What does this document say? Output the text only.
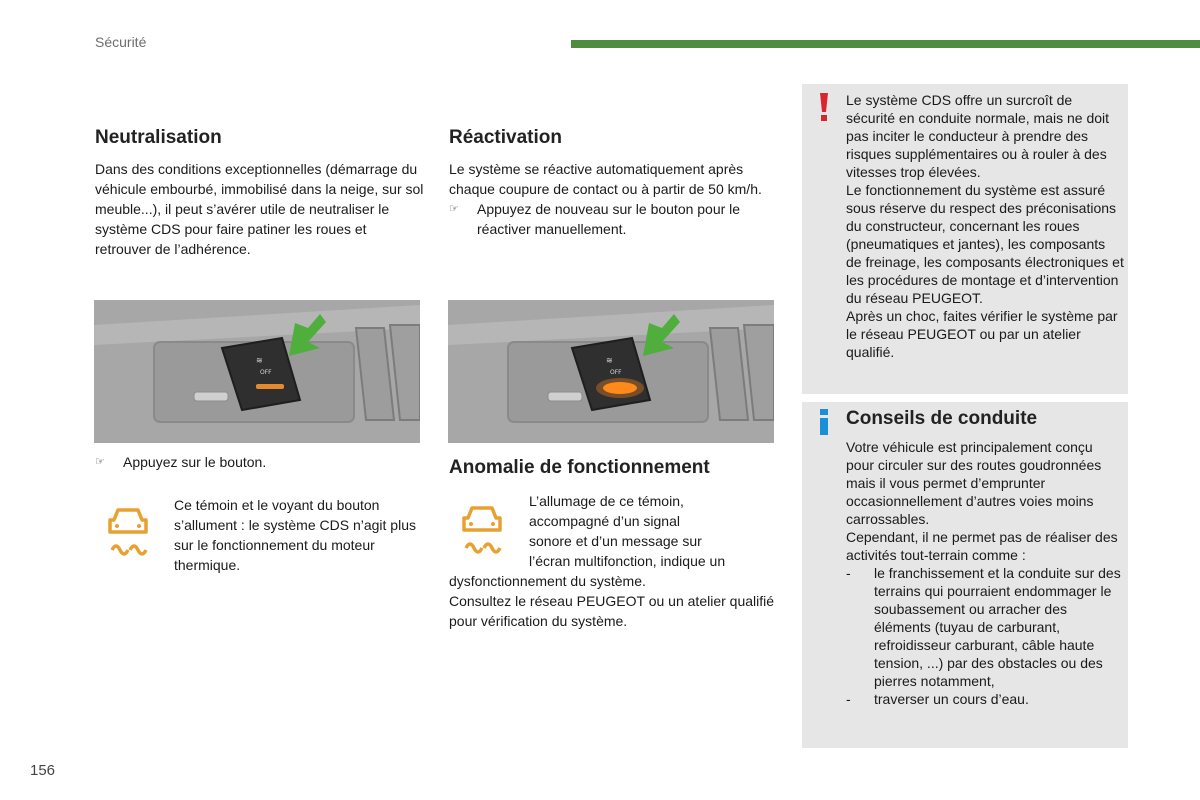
Sécurité
Neutralisation
Dans des conditions exceptionnelles (démarrage du véhicule embourbé, immobilisé dans la neige, sur sol meuble...), il peut s’avérer utile de neutraliser le système CDS pour faire patiner les roues et retrouver de l’adhérence.
≋
OFF
☞	Appuyez sur le bouton.
Ce témoin et le voyant du bouton s’allument : le système CDS n’agit plus sur le fonctionnement du moteur thermique.
Réactivation
Le système se réactive automatiquement après chaque coupure de contact ou à partir de 50 km/h.
☞	Appuyez de nouveau sur le bouton pour le réactiver manuellement.
≋
OFF
Anomalie de fonctionnement

L’allumage de ce témoin,

accompagné d’un signal

sonore et d’un message sur

l’écran multifonction, indique un

dysfonctionnement du système.

Consultez le réseau PEUGEOT ou un atelier qualifié pour vérification du système.

Le système CDS offre un surcroît de sécurité en conduite normale, mais ne doit pas inciter le conducteur à prendre des risques supplémentaires ou à rouler à des vitesses trop élevées.

Le fonctionnement du système est assuré sous réserve du respect des préconisations du constructeur, concernant les roues (pneumatiques et jantes), les composants de freinage, les composants électroniques et les procédures de montage et d’intervention du réseau PEUGEOT.

Après un choc, faites vérifier le système par le réseau PEUGEOT ou par un atelier qualifié.

Conseils de conduite

Votre véhicule est principalement conçu pour circuler sur des routes goudronnées mais il vous permet d’emprunter occasionnellement d’autres voies moins carrossables.

Cependant, il ne permet pas de réaliser des activités tout-terrain comme :

-	le franchissement et la conduite sur des terrains qui pourraient endommager le soubassement ou arracher des éléments (tuyau de carburant, refroidisseur carburant, câble haute tension, ...) par des obstacles ou des pierres notamment,
-	traverser un cours d’eau.
156
